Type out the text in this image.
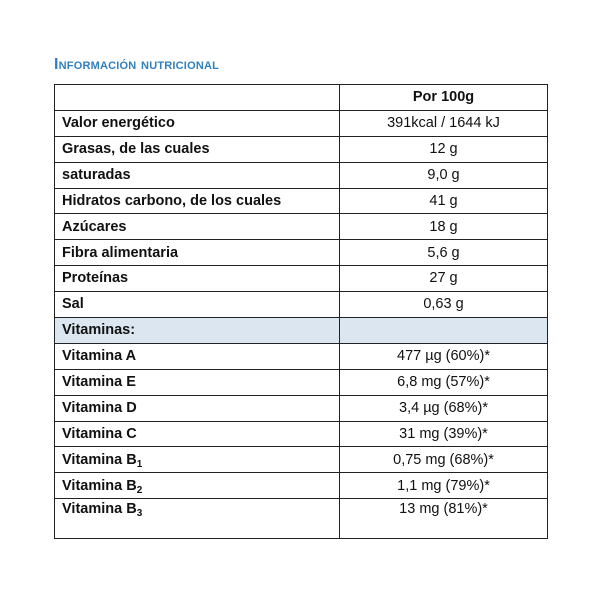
Información nutricional
	Por 100g
Valor energético	391kcal / 1644 kJ
Grasas, de las cuales	12 g
saturadas	9,0 g
Hidratos carbono, de los cuales	41 g
Azúcares	18 g
Fibra alimentaria	5,6 g
Proteínas	27 g
Sal	0,63 g
Vitaminas:	
Vitamina A	477 µg (60%)*
Vitamina E	6,8 mg (57%)*
Vitamina D	3,4 µg (68%)*
Vitamina C	31 mg (39%)*
Vitamina $B_1$	0,75 mg (68%)*
Vitamina $B_2$	1,1 mg (79%)*
Vitamina $B_3$	13 mg (81%)*
